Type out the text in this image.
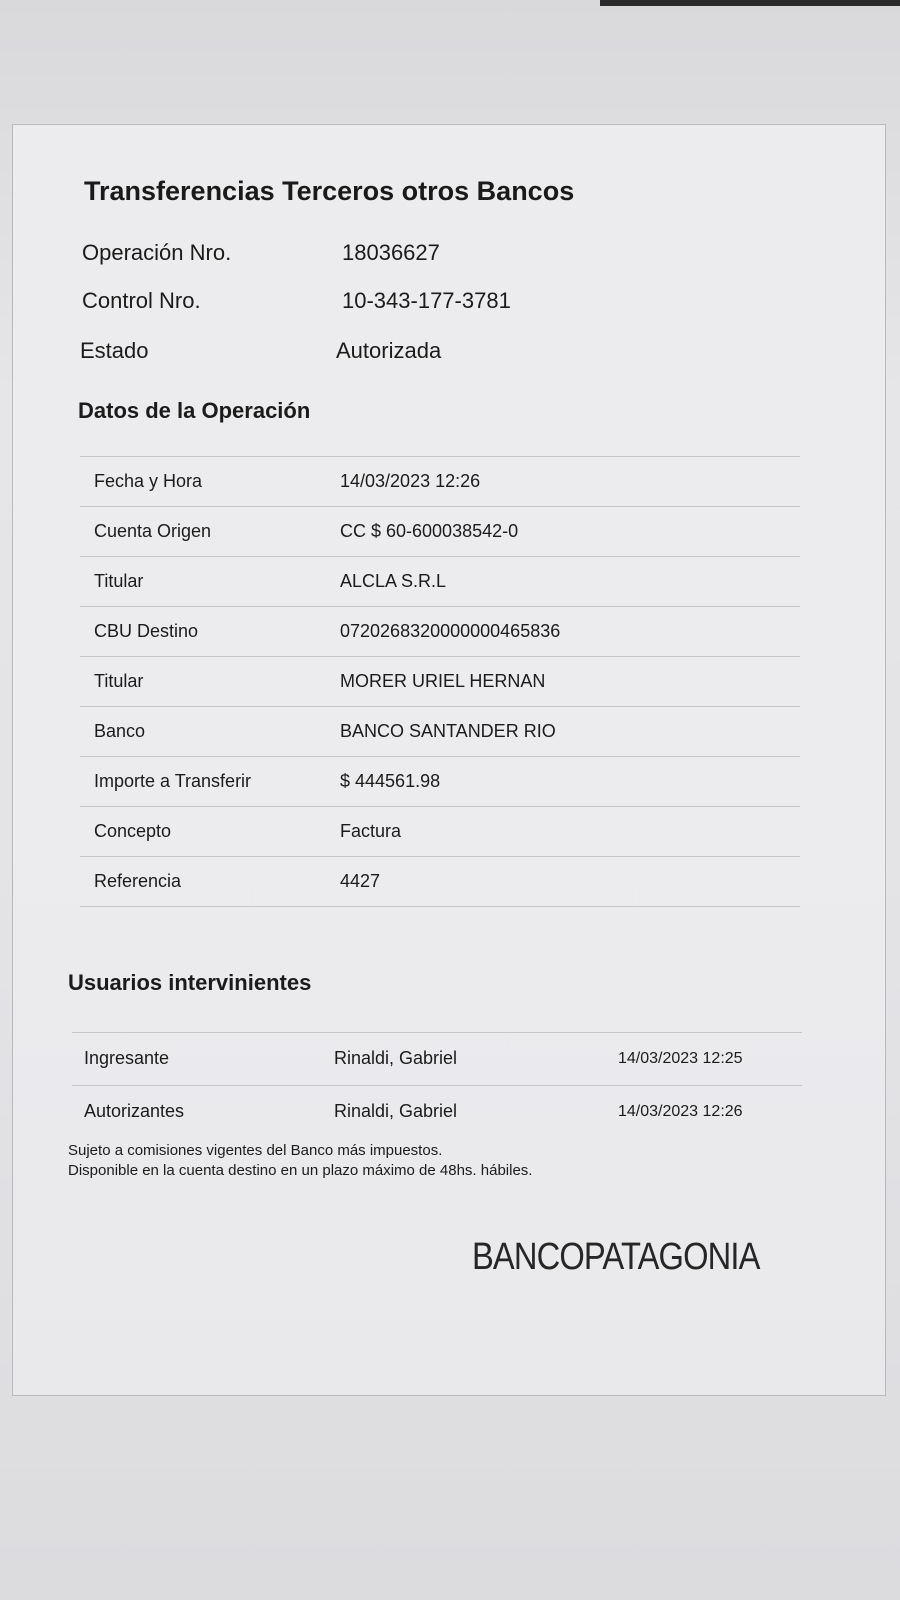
Transferencias Terceros otros Bancos
Operación Nro.	18036627
Control Nro.	10-343-177-3781
Estado	Autorizada
Datos de la Operación
Fecha y Hora	14/03/2023 12:26
Cuenta Origen	CC $ 60-600038542-0
Titular	ALCLA S.R.L
CBU Destino	0720268320000000465836
Titular	MORER URIEL HERNAN
Banco	BANCO SANTANDER RIO
Importe a Transferir	$ 444561.98
Concepto	Factura
Referencia	4427
Usuarios intervinientes
Ingresante	Rinaldi, Gabriel	14/03/2023 12:25
Autorizantes	Rinaldi, Gabriel	14/03/2023 12:26
Sujeto a comisiones vigentes del Banco más impuestos.
Disponible en la cuenta destino en un plazo máximo de 48hs. hábiles.
BANCOPATAGONIA
